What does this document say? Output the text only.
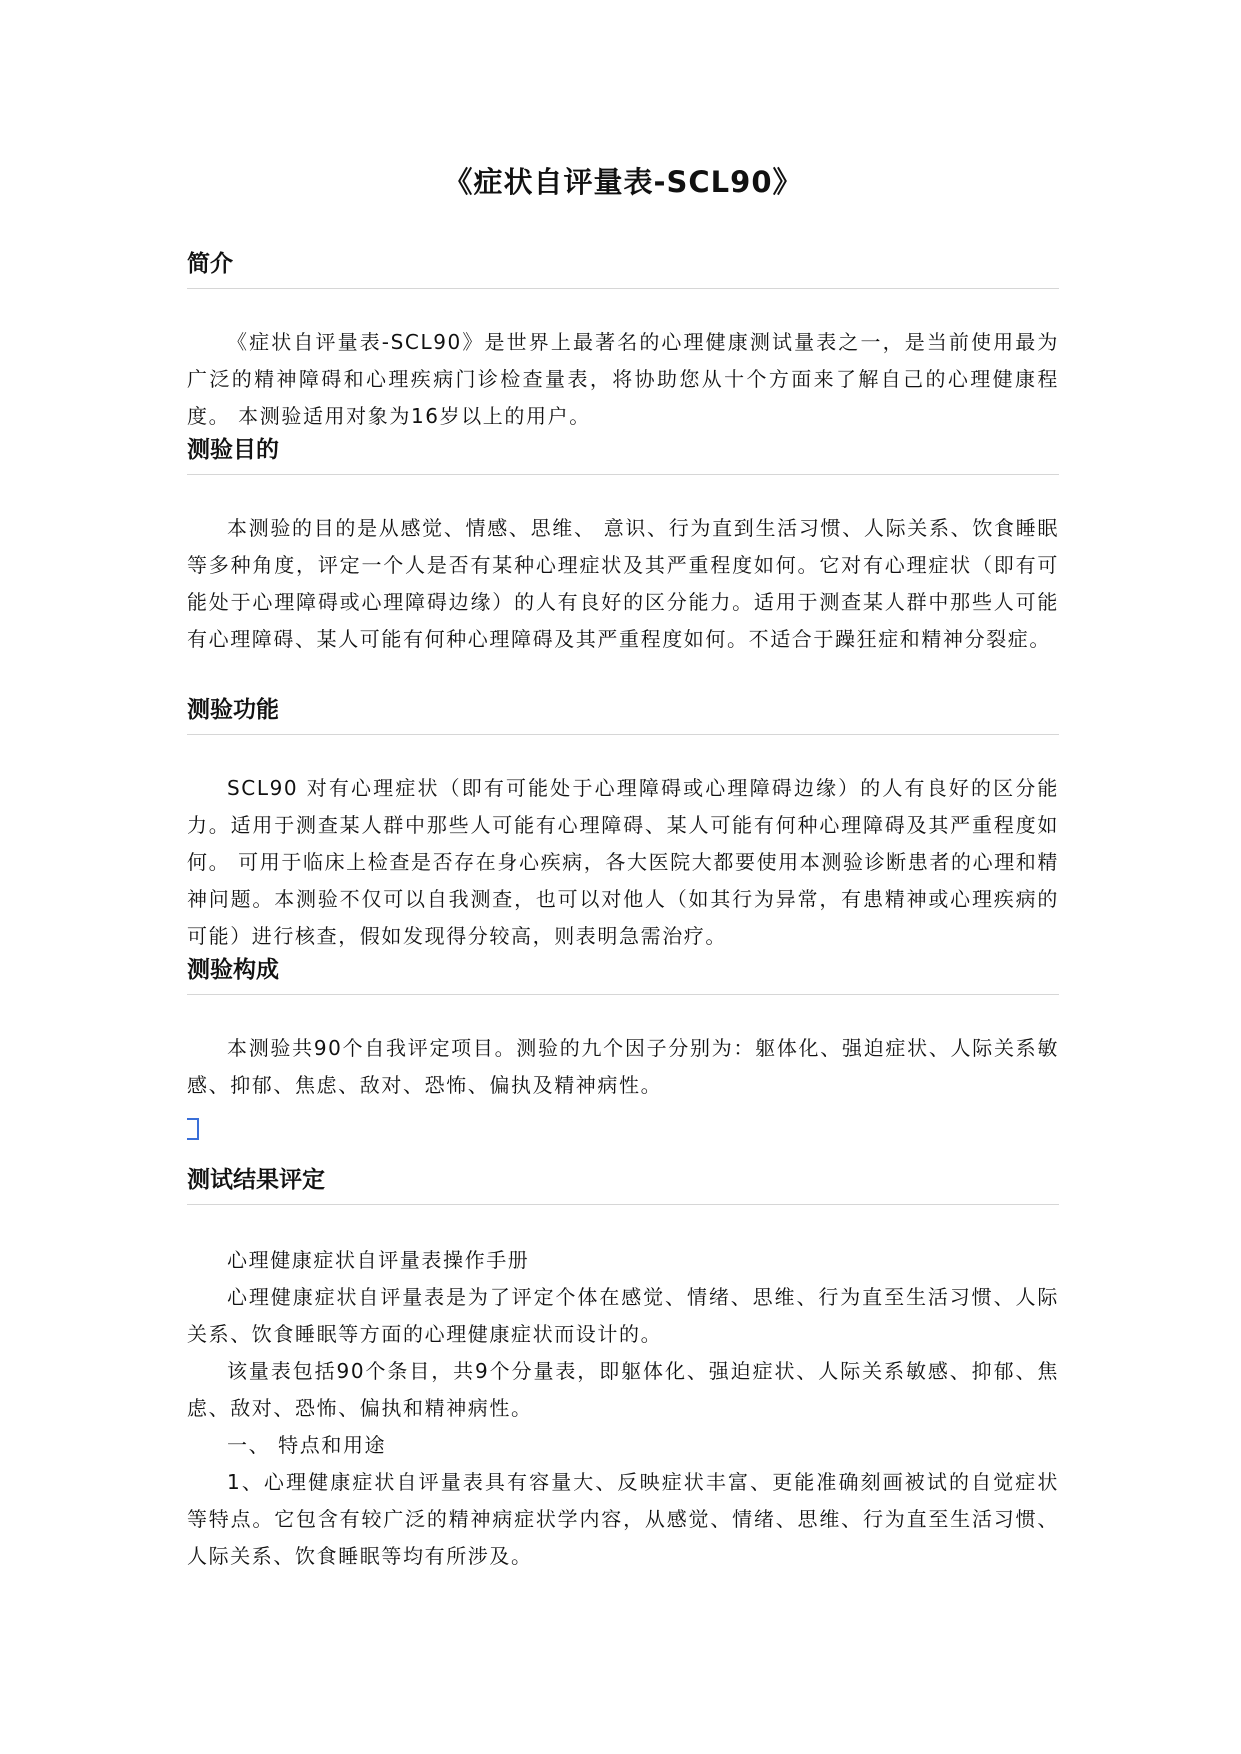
《症状自评量表-SCL90》
简介

《症状自评量表-SCL90》是世界上最著名的心理健康测试量表之一，是当前使用最为广泛的精神障碍和心理疾病门诊检查量表，将协助您从十个方面来了解自己的心理健康程度。 本测验适用对象为16岁以上的用户。

测验目的

本测验的目的是从感觉、情感、思维、 意识、行为直到生活习惯、人际关系、饮食睡眠等多种角度，评定一个人是否有某种心理症状及其严重程度如何。它对有心理症状（即有可能处于心理障碍或心理障碍边缘）的人有良好的区分能力。适用于测查某人群中那些人可能有心理障碍、某人可能有何种心理障碍及其严重程度如何。不适合于躁狂症和精神分裂症。

测验功能

SCL90 对有心理症状（即有可能处于心理障碍或心理障碍边缘）的人有良好的区分能力。适用于测查某人群中那些人可能有心理障碍、某人可能有何种心理障碍及其严重程度如何。 可用于临床上检查是否存在身心疾病，各大医院大都要使用本测验诊断患者的心理和精神问题。本测验不仅可以自我测查，也可以对他人（如其行为异常，有患精神或心理疾病的可能）进行核查，假如发现得分较高，则表明急需治疗。

测验构成

本测验共90个自我评定项目。测验的九个因子分别为：躯体化、强迫症状、人际关系敏感、抑郁、焦虑、敌对、恐怖、偏执及精神病性。

测试结果评定

心理健康症状自评量表操作手册

心理健康症状自评量表是为了评定个体在感觉、情绪、思维、行为直至生活习惯、人际关系、饮食睡眠等方面的心理健康症状而设计的。

该量表包括90个条目，共9个分量表，即躯体化、强迫症状、人际关系敏感、抑郁、焦虑、敌对、恐怖、偏执和精神病性。

一、 特点和用途

1、心理健康症状自评量表具有容量大、反映症状丰富、更能准确刻画被试的自觉症状等特点。它包含有较广泛的精神病症状学内容，从感觉、情绪、思维、行为直至生活习惯、人际关系、饮食睡眠等均有所涉及。
